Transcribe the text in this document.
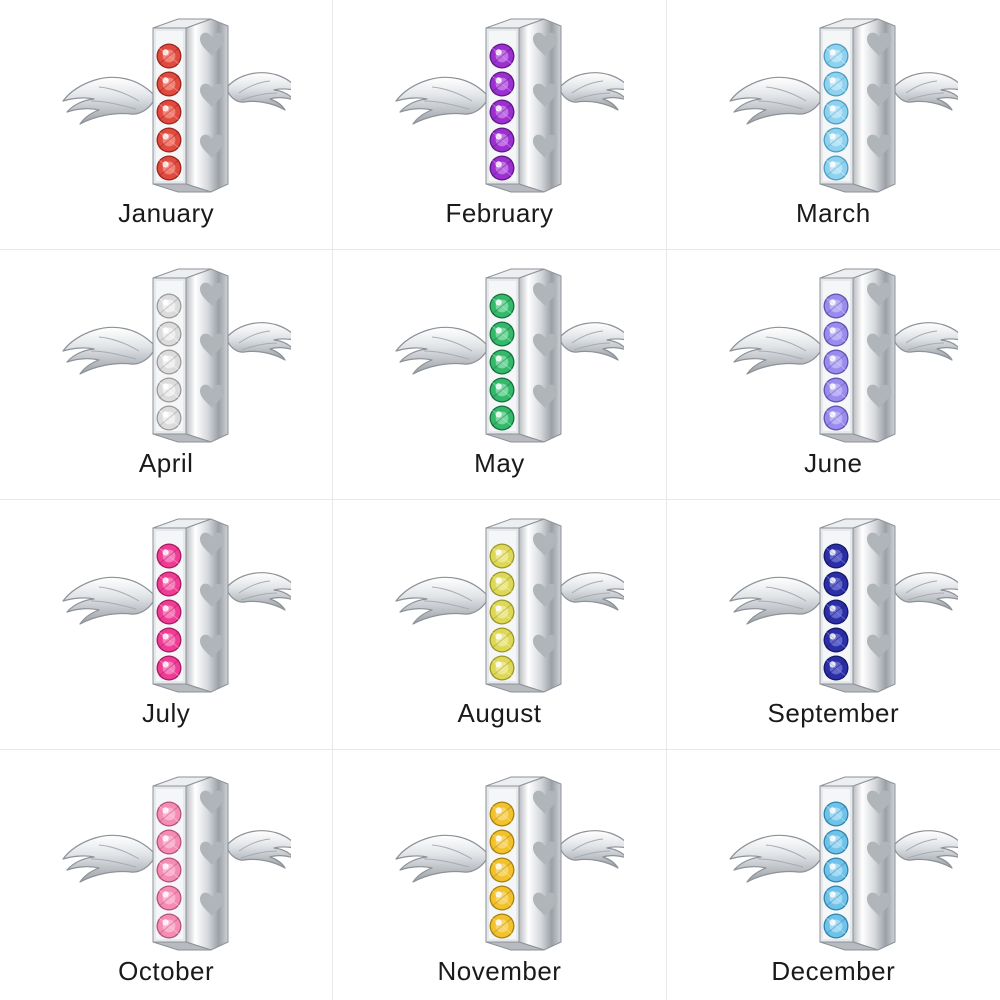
January	February	March
April	May	June
July	August	September
October	November	December
